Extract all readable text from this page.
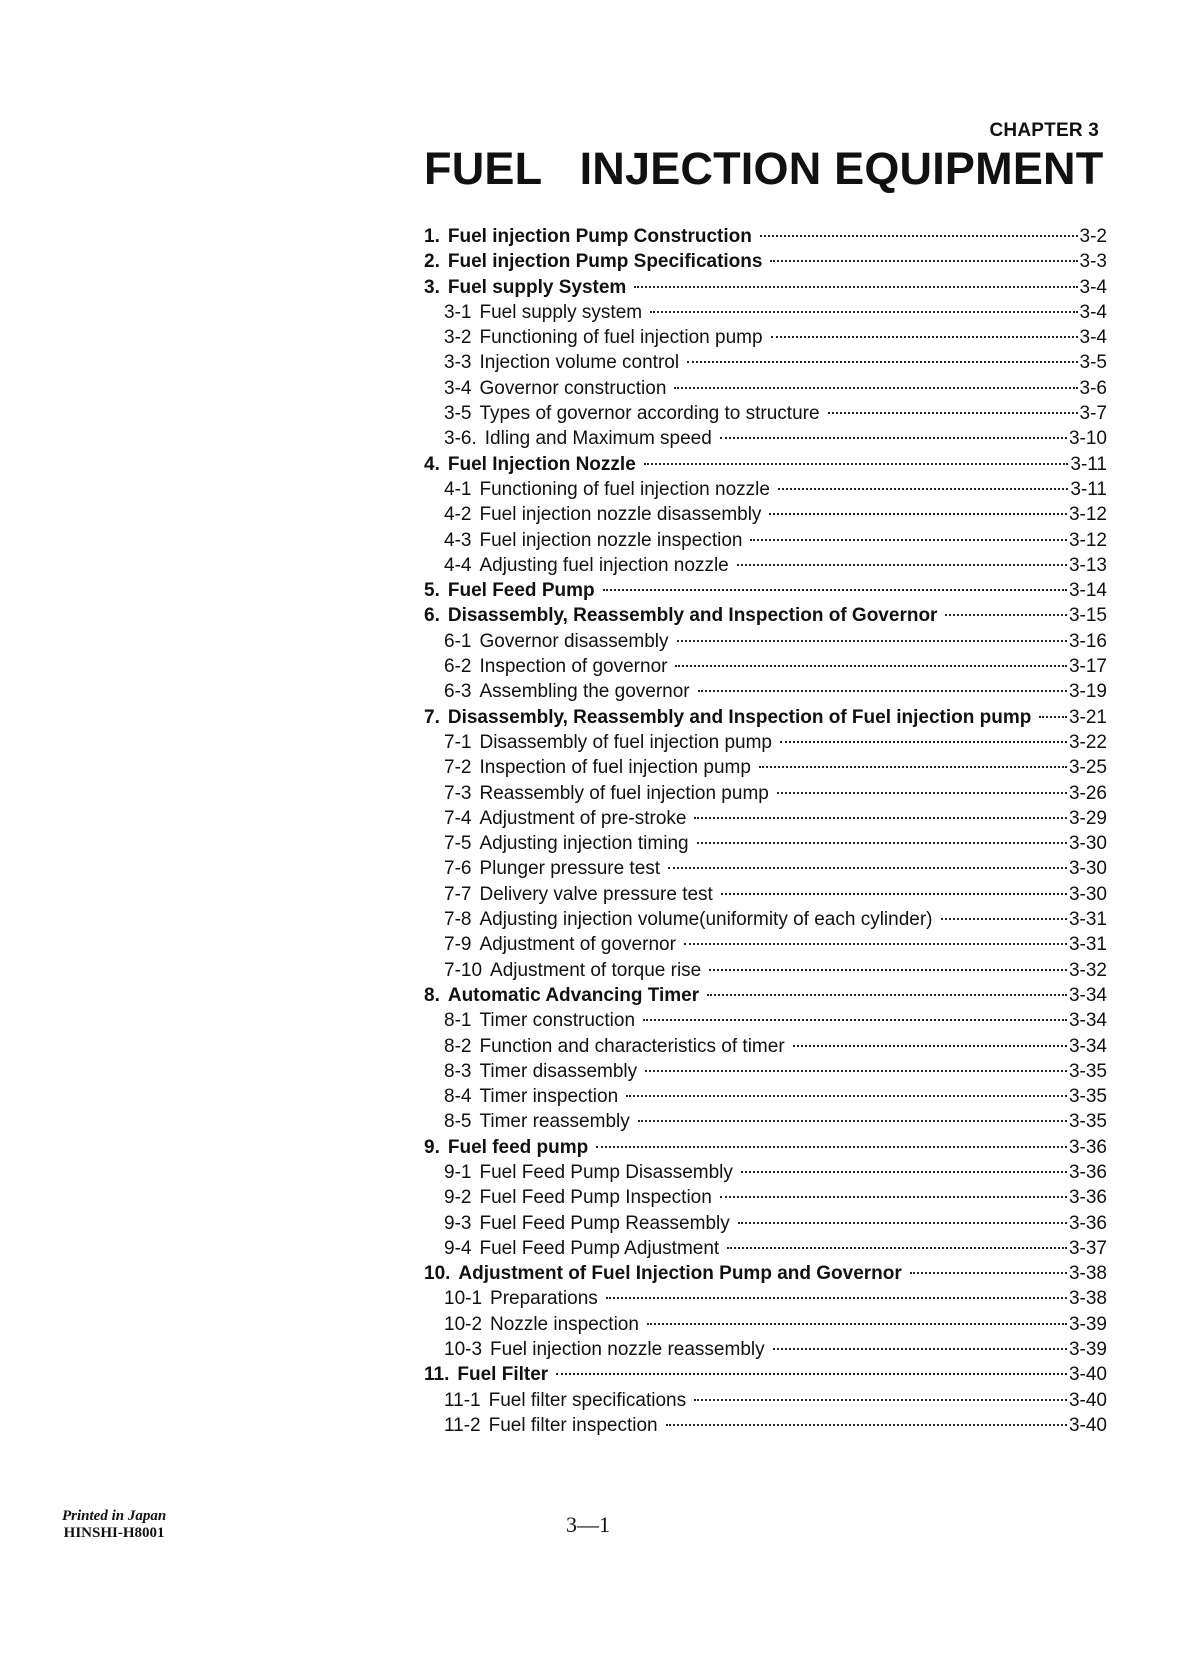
CHAPTER 3
FUEL   INJECTION EQUIPMENT
1. Fuel injection Pump Construction	3-2
2. Fuel injection Pump Specifications	3-3
3. Fuel supply System	3-4
3-1 Fuel supply system	3-4
3-2 Functioning of fuel injection pump	3-4
3-3 Injection volume control	3-5
3-4 Governor construction	3-6
3-5 Types of governor according to structure	3-7
3-6. Idling and Maximum speed	3-10
4. Fuel Injection Nozzle	3-11
4-1 Functioning of fuel injection nozzle	3-11
4-2 Fuel injection nozzle disassembly	3-12
4-3 Fuel injection nozzle inspection	3-12
4-4 Adjusting fuel injection nozzle	3-13
5. Fuel Feed Pump	3-14
6. Disassembly, Reassembly and Inspection of Governor	3-15
6-1 Governor disassembly	3-16
6-2 Inspection of governor	3-17
6-3 Assembling the governor	3-19
7. Disassembly, Reassembly and Inspection of Fuel injection pump 3-21
7-1 Disassembly of fuel injection pump	3-22
7-2 Inspection of fuel injection pump	3-25
7-3 Reassembly of fuel injection pump	3-26
7-4 Adjustment of pre-stroke	3-29
7-5 Adjusting injection timing	3-30
7-6 Plunger pressure test	3-30
7-7 Delivery valve pressure test	3-30
7-8 Adjusting injection volume(uniformity of each cylinder)	3-31
7-9 Adjustment of governor	3-31
7-10 Adjustment of torque rise	3-32
8. Automatic Advancing Timer	3-34
8-1 Timer construction	3-34
8-2 Function and characteristics of timer	3-34
8-3 Timer disassembly	3-35
8-4 Timer inspection	3-35
8-5 Timer reassembly	3-35
9. Fuel feed pump	3-36
9-1 Fuel Feed Pump Disassembly	3-36
9-2 Fuel Feed Pump Inspection	3-36
9-3 Fuel Feed Pump Reassembly	3-36
9-4 Fuel Feed Pump Adjustment	3-37
10. Adjustment of Fuel Injection Pump and Governor	3-38
10-1 Preparations	3-38
10-2 Nozzle inspection	3-39
10-3 Fuel injection nozzle reassembly	3-39
11. Fuel Filter	3-40
11-1 Fuel filter specifications	3-40
11-2 Fuel filter inspection	3-40
Printed in Japan
HINSHI-H8001	3—1
